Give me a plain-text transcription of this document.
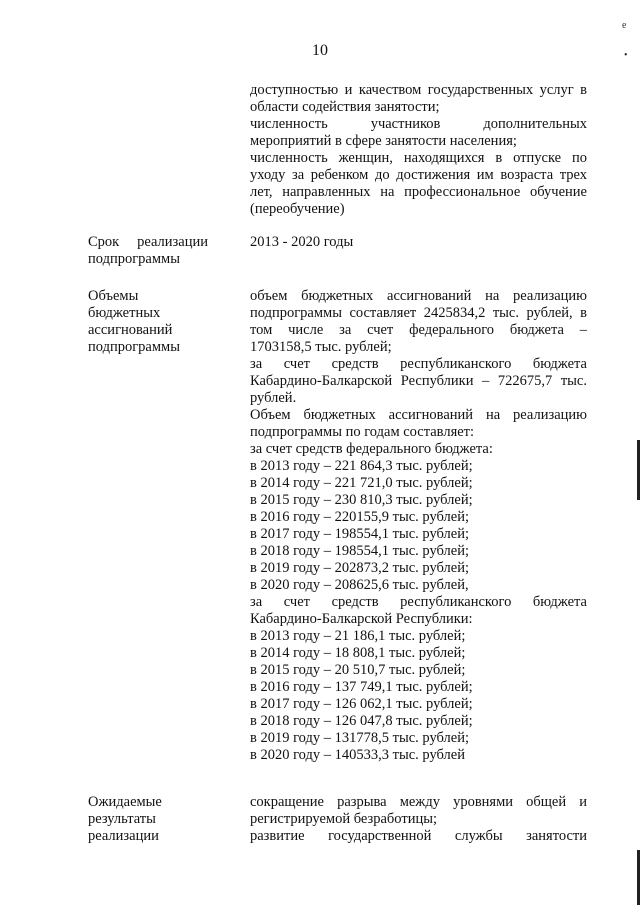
10
e
•
доступностью и качеством государственных услуг в
области содействия занятости;
численность участников дополнительных
мероприятий в сфере занятости населения;
численность женщин, находящихся в отпуске по
уходу за ребенком до достижения им возраста трех
лет, направленных на профессиональное обучение
(переобучение)
Срок реализации
подпрограммы
2013 - 2020 годы
Объемы
бюджетных
ассигнований
подпрограммы
объем бюджетных ассигнований на реализацию
подпрограммы составляет 2425834,2 тыс. рублей, в
том числе за счет федерального бюджета –
1703158,5 тыс. рублей;
за счет средств республиканского бюджета
Кабардино-Балкарской Республики – 722675,7 тыс.
рублей.
Объем бюджетных ассигнований на реализацию
подпрограммы по годам составляет:
за счет средств федерального бюджета:
в 2013 году – 221 864,3 тыс. рублей;
в 2014 году – 221 721,0 тыс. рублей;
в 2015 году – 230 810,3 тыс. рублей;
в 2016 году – 220155,9 тыс. рублей;
в 2017 году – 198554,1 тыс. рублей;
в 2018 году – 198554,1 тыс. рублей;
в 2019 году – 202873,2 тыс. рублей;
в 2020 году – 208625,6 тыс. рублей,
за счет средств республиканского бюджета
Кабардино-Балкарской Республики:
в 2013 году – 21 186,1 тыс. рублей;
в 2014 году – 18 808,1 тыс. рублей;
в 2015 году – 20 510,7 тыс. рублей;
в 2016 году – 137 749,1 тыс. рублей;
в 2017 году – 126 062,1 тыс. рублей;
в 2018 году – 126 047,8 тыс. рублей;
в 2019 году – 131778,5 тыс. рублей;
в 2020 году – 140533,3 тыс. рублей
Ожидаемые
результаты
реализации
сокращение разрыва между уровнями общей и
регистрируемой безработицы;
развитие государственной службы занятости
